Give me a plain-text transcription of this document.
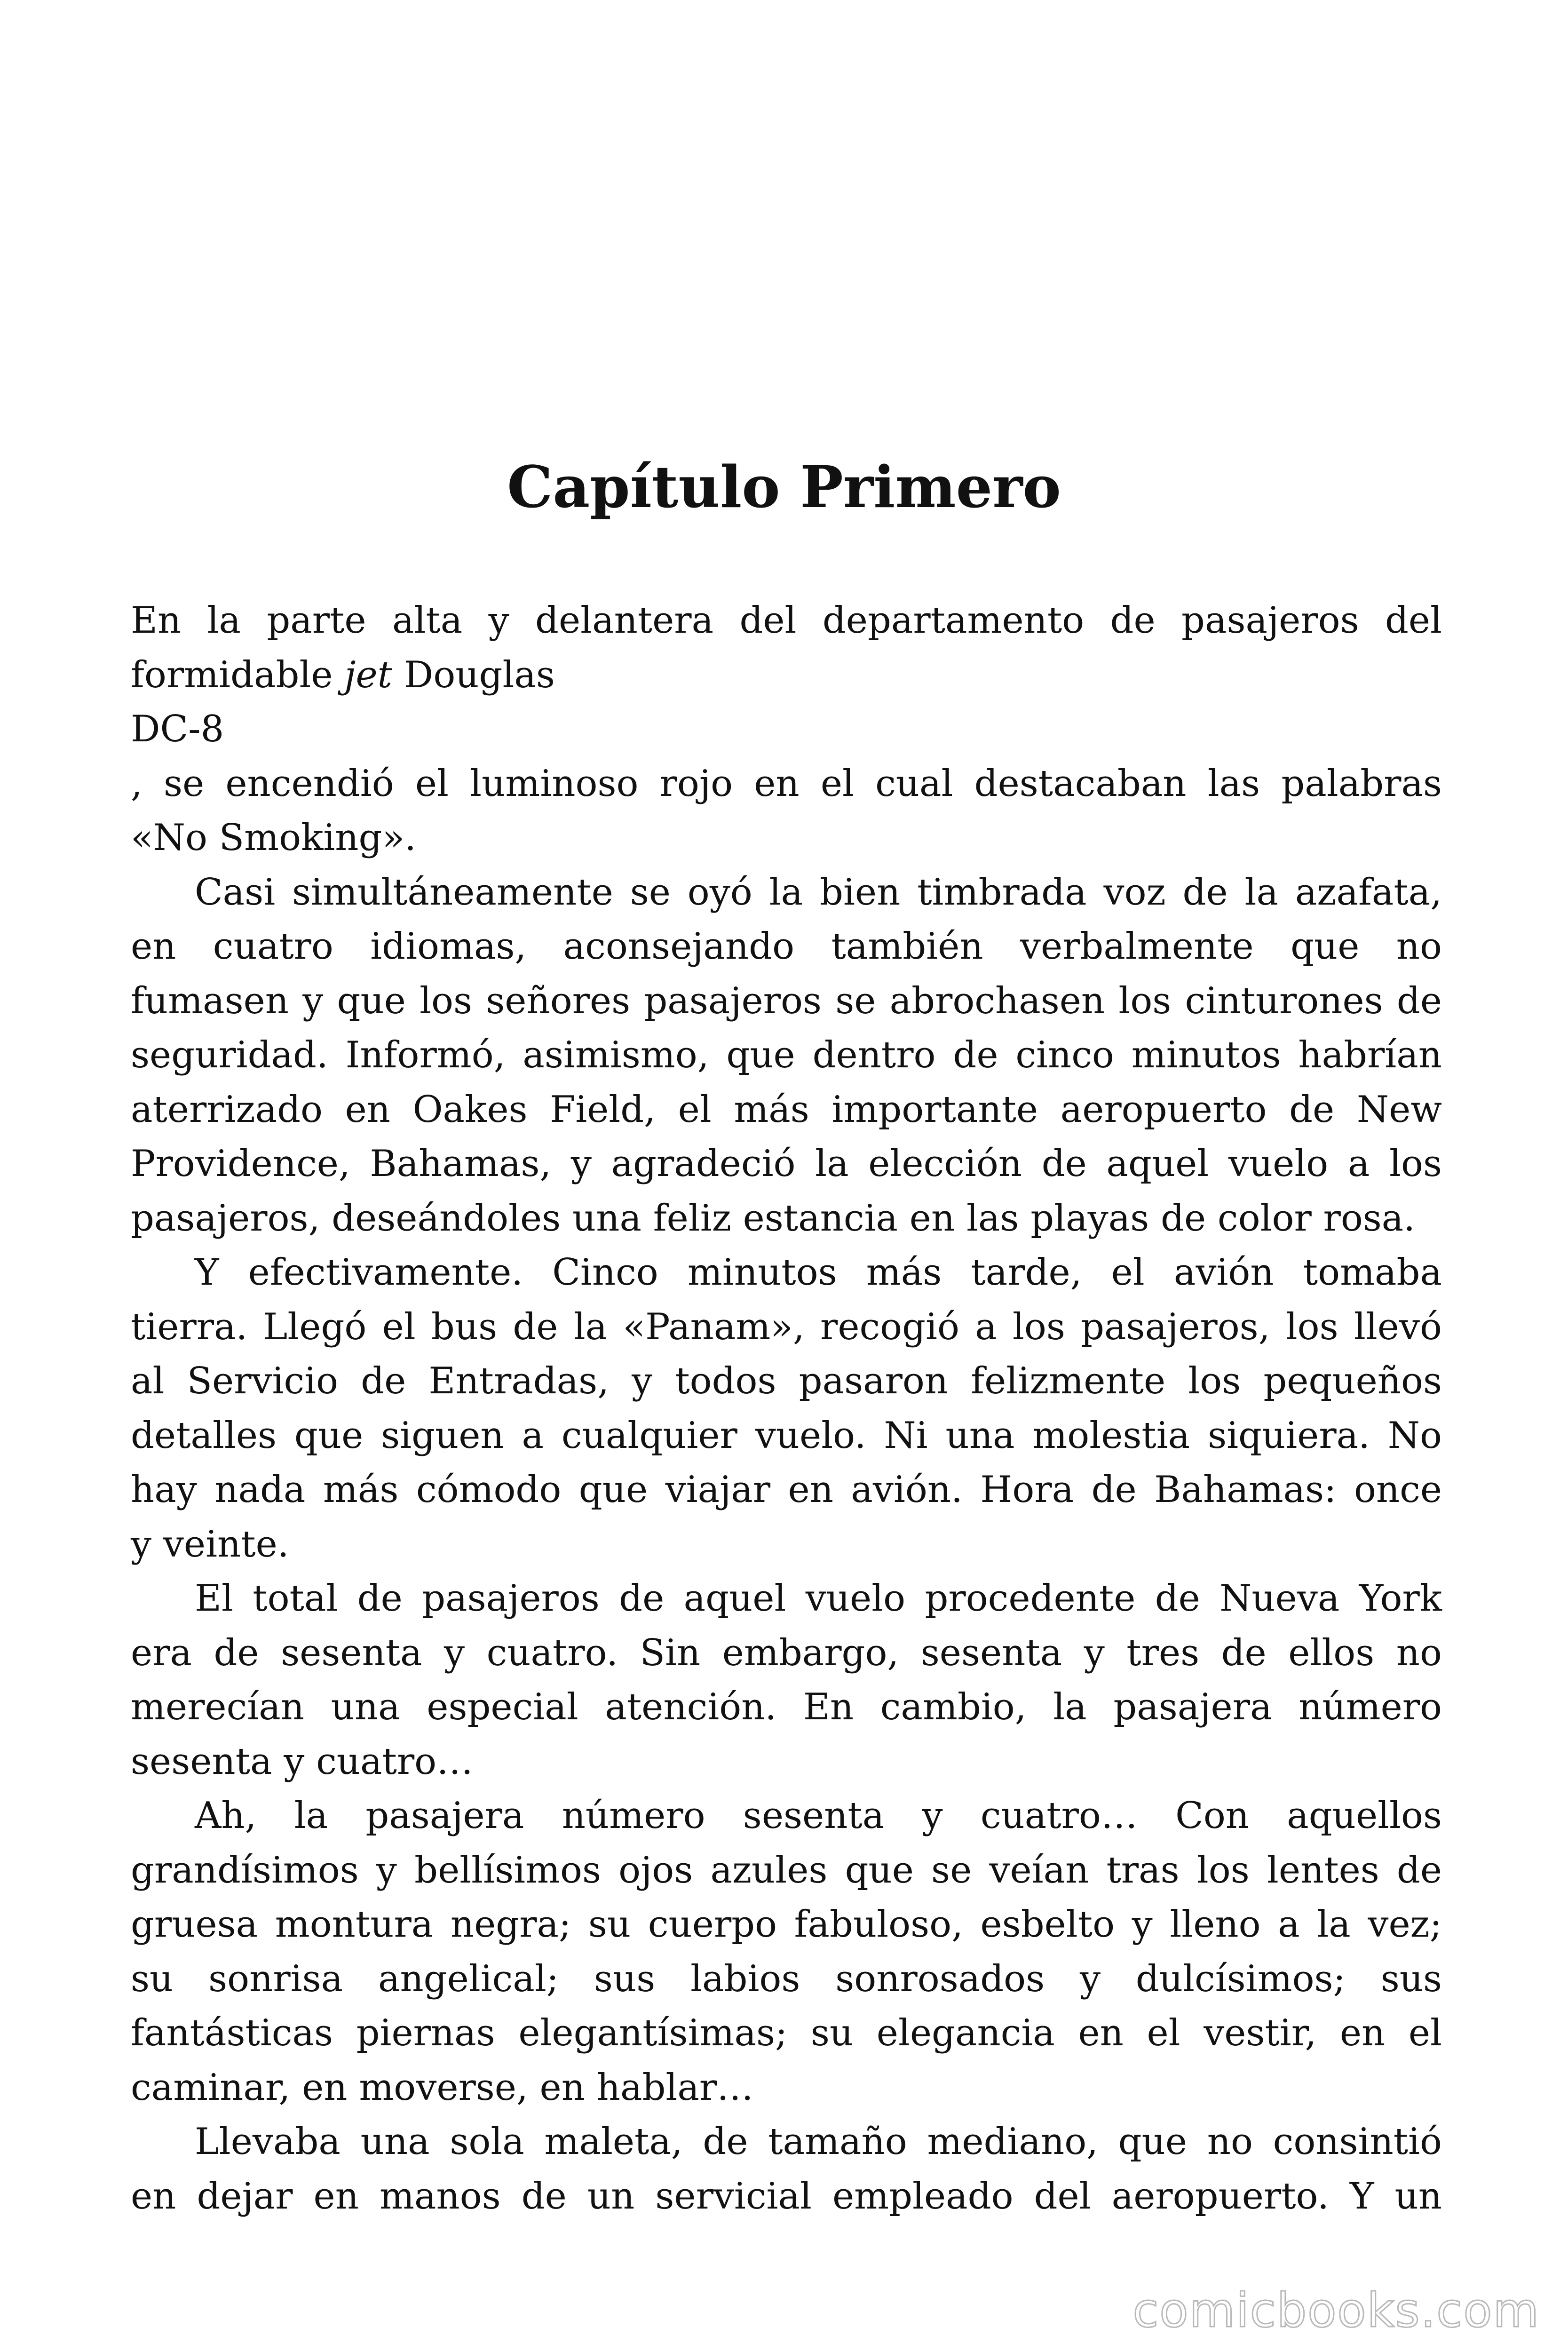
Capítulo Primero
En la parte alta y delantera del departamento de pasajeros del
formidable jet Douglas
DC-8
, se encendió el luminoso rojo en el cual destacaban las palabras
«No Smoking».
Casi simultáneamente se oyó la bien timbrada voz de la azafata,
en cuatro idiomas, aconsejando también verbalmente que no
fumasen y que los señores pasajeros se abrochasen los cinturones de
seguridad. Informó, asimismo, que dentro de cinco minutos habrían
aterrizado en Oakes Field, el más importante aeropuerto de New
Providence, Bahamas, y agradeció la elección de aquel vuelo a los
pasajeros, deseándoles una feliz estancia en las playas de color rosa.
Y efectivamente. Cinco minutos más tarde, el avión tomaba
tierra. Llegó el bus de la «Panam», recogió a los pasajeros, los llevó
al Servicio de Entradas, y todos pasaron felizmente los pequeños
detalles que siguen a cualquier vuelo. Ni una molestia siquiera. No
hay nada más cómodo que viajar en avión. Hora de Bahamas: once
y veinte.
El total de pasajeros de aquel vuelo procedente de Nueva York
era de sesenta y cuatro. Sin embargo, sesenta y tres de ellos no
merecían una especial atención. En cambio, la pasajera número
sesenta y cuatro…
Ah, la pasajera número sesenta y cuatro… Con aquellos
grandísimos y bellísimos ojos azules que se veían tras los lentes de
gruesa montura negra; su cuerpo fabuloso, esbelto y lleno a la vez;
su sonrisa angelical; sus labios sonrosados y dulcísimos; sus
fantásticas piernas elegantísimas; su elegancia en el vestir, en el
caminar, en moverse, en hablar…
Llevaba una sola maleta, de tamaño mediano, que no consintió
en dejar en manos de un servicial empleado del aeropuerto. Y un
comicbooks.com
